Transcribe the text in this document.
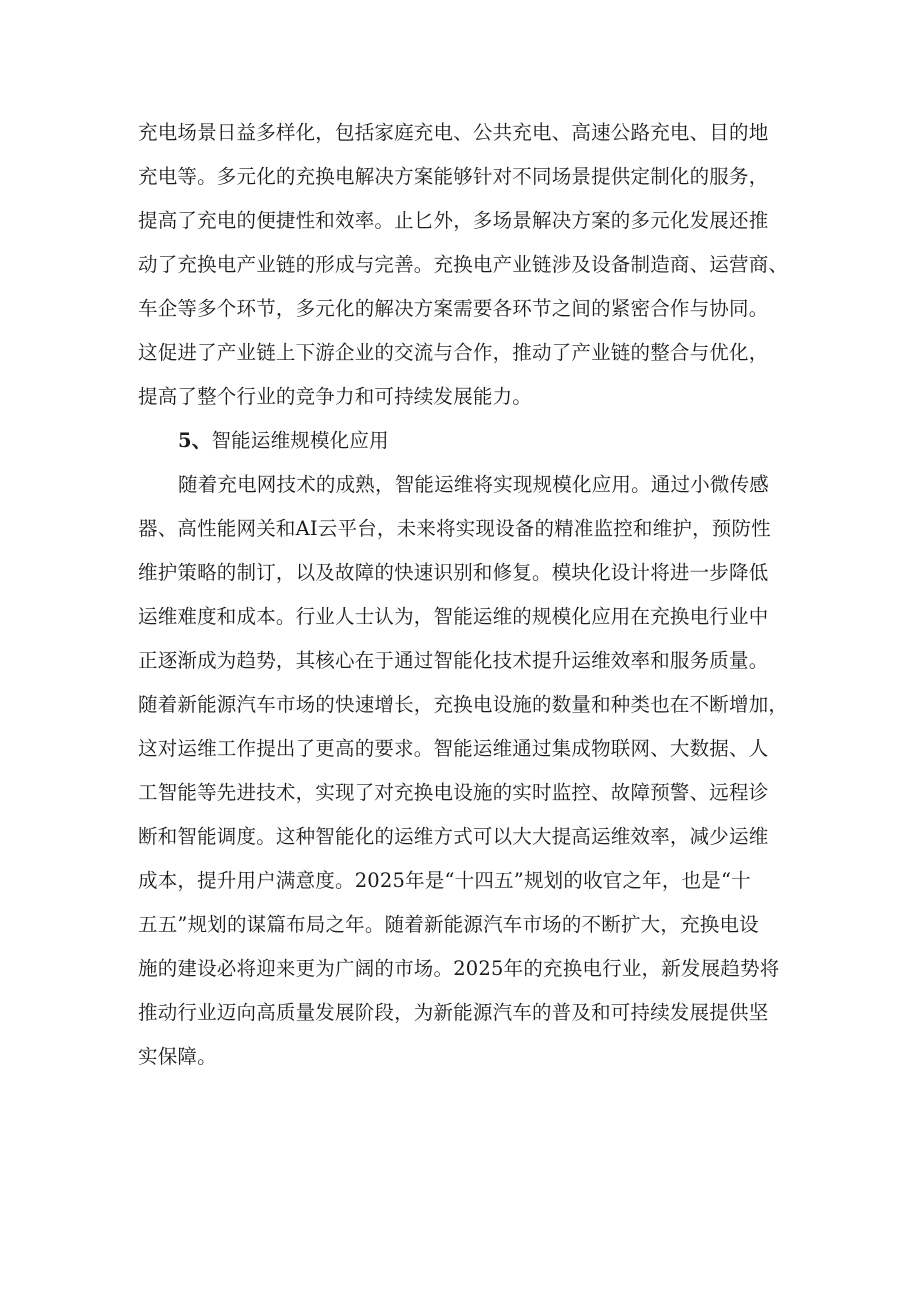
充电场景日益多样化，包括家庭充电、公共充电、高速公路充电、目的地
充电等。多元化的充换电解决方案能够针对不同场景提供定制化的服务，
提高了充电的便捷性和效率。止匕外，多场景解决方案的多元化发展还推
动了充换电产业链的形成与完善。充换电产业链涉及设备制造商、运营商、
车企等多个环节，多元化的解决方案需要各环节之间的紧密合作与协同。
这促进了产业链上下游企业的交流与合作，推动了产业链的整合与优化，
提高了整个行业的竞争力和可持续发展能力。
5、智能运维规模化应用
随着充电网技术的成熟，智能运维将实现规模化应用。通过小微传感
器、高性能网关和AI云平台，未来将实现设备的精准监控和维护，预防性
维护策略的制订，以及故障的快速识别和修复。模块化设计将进一步降低
运维难度和成本。行业人士认为，智能运维的规模化应用在充换电行业中
正逐渐成为趋势，其核心在于通过智能化技术提升运维效率和服务质量。
随着新能源汽车市场的快速增长，充换电设施的数量和种类也在不断增加，
这对运维工作提出了更高的要求。智能运维通过集成物联网、大数据、人
工智能等先进技术，实现了对充换电设施的实时监控、故障预警、远程诊
断和智能调度。这种智能化的运维方式可以大大提高运维效率，减少运维
成本，提升用户满意度。2025年是“十四五”规划的收官之年，也是“十
五五”规划的谋篇布局之年。随着新能源汽车市场的不断扩大，充换电设
施的建设必将迎来更为广阔的市场。2025年的充换电行业，新发展趋势将
推动行业迈向高质量发展阶段，为新能源汽车的普及和可持续发展提供坚
实保障。
